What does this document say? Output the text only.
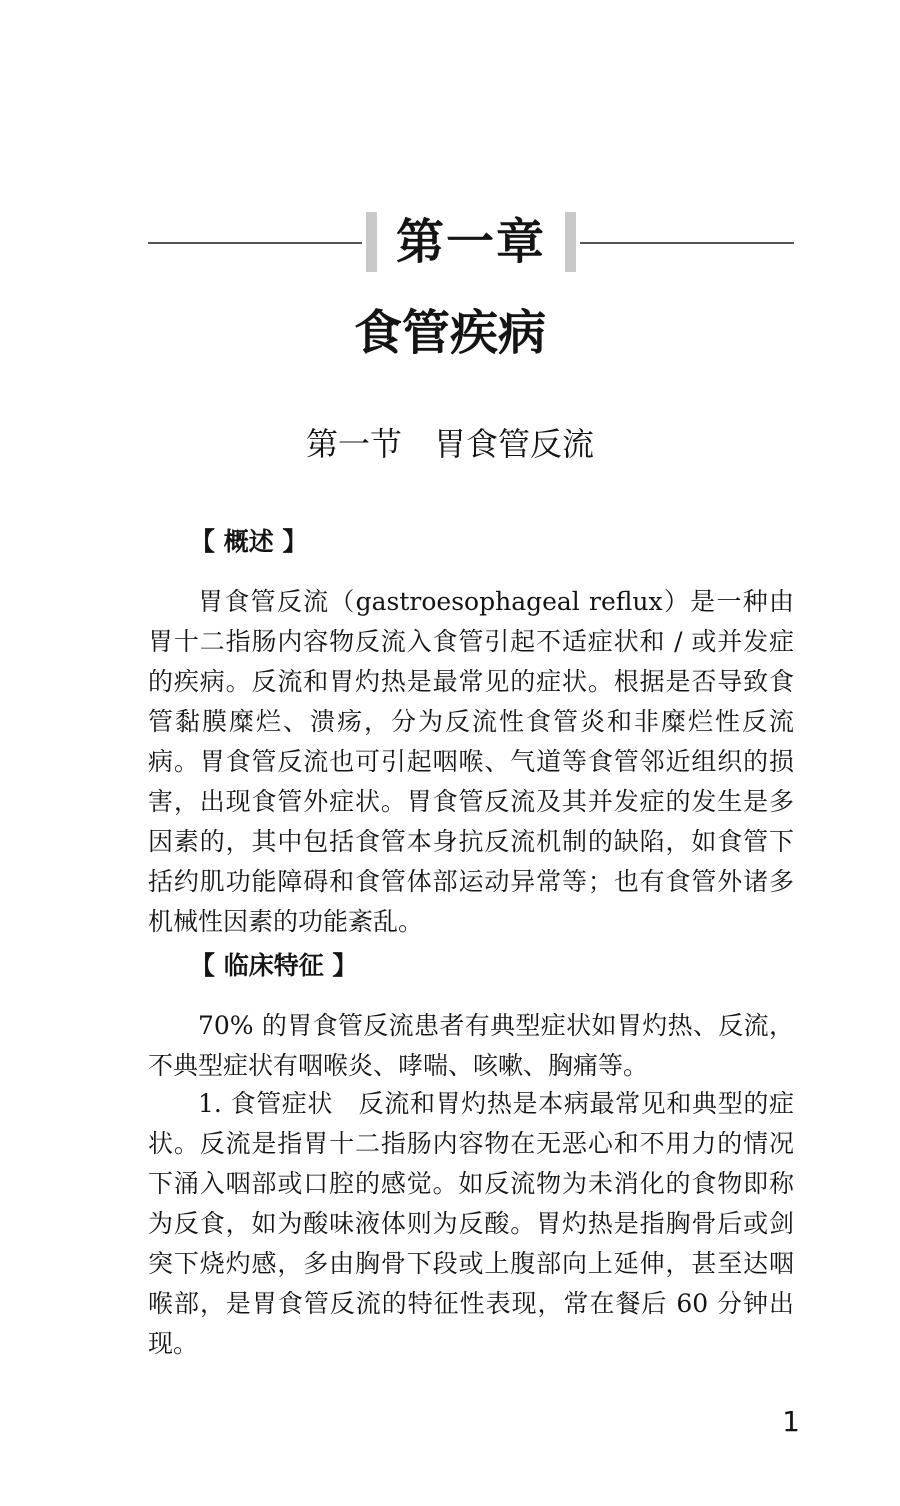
第一章
食管疾病
第一节　胃食管反流
【 概述 】

胃食管反流（gastroesophageal reflux）是一种由胃十二指肠内容物反流入食管引起不适症状和 / 或并发症的疾病。反流和胃灼热是最常见的症状。根据是否导致食管黏膜糜烂、溃疡，分为反流性食管炎和非糜烂性反流病。胃食管反流也可引起咽喉、气道等食管邻近组织的损害，出现食管外症状。胃食管反流及其并发症的发生是多因素的，其中包括食管本身抗反流机制的缺陷，如食管下括约肌功能障碍和食管体部运动异常等；也有食管外诸多机械性因素的功能紊乱。

【 临床特征 】

70% 的胃食管反流患者有典型症状如胃灼热、反流，不典型症状有咽喉炎、哮喘、咳嗽、胸痛等。

1. 食管症状　反流和胃灼热是本病最常见和典型的症状。反流是指胃十二指肠内容物在无恶心和不用力的情况下涌入咽部或口腔的感觉。如反流物为未消化的食物即称为反食，如为酸味液体则为反酸。胃灼热是指胸骨后或剑突下烧灼感，多由胸骨下段或上腹部向上延伸，甚至达咽喉部，是胃食管反流的特征性表现，常在餐后 60 分钟出现。

1
